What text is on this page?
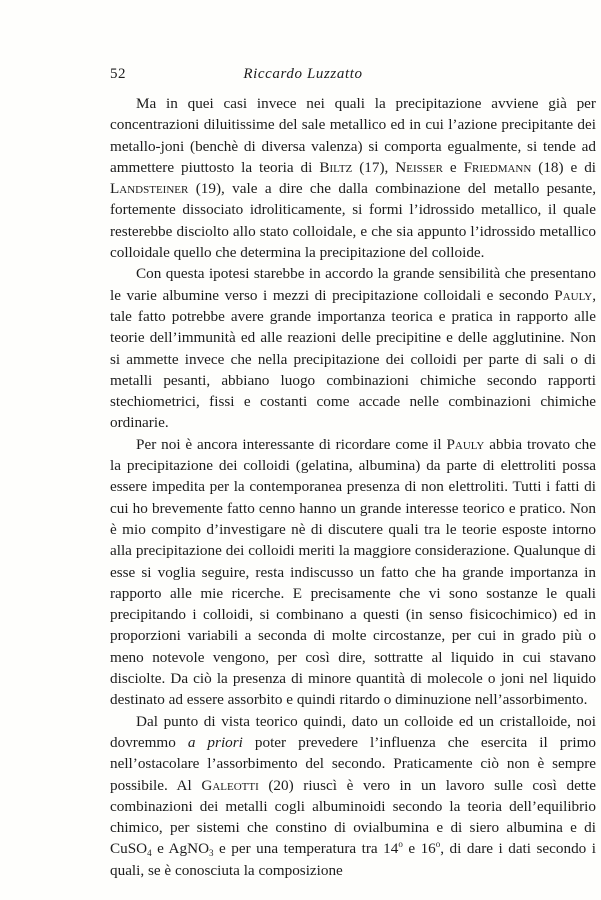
52	Riccardo Luzzatto

Ma in quei casi invece nei quali la precipitazione avviene già per concentrazioni diluitissime del sale metallico ed in cui l’azione precipitante dei metallo-joni (benchè di diversa valenza) si comporta egualmente, si tende ad ammettere piuttosto la teoria di Biltz (17), Neisser e Friedmann (18) e di Landsteiner (19), vale a dire che dalla combinazione del metallo pesante, fortemente dissociato idroliticamente, si formi l’idrossido metallico, il quale resterebbe disciolto allo stato colloidale, e che sia appunto l’idrossido metallico colloidale quello che determina la precipitazione del colloide.

Con questa ipotesi starebbe in accordo la grande sensibilità che presentano le varie albumine verso i mezzi di precipitazione colloidali e secondo Pauly, tale fatto potrebbe avere grande importanza teorica e pratica in rapporto alle teorie dell’immunità ed alle reazioni delle precipitine e delle agglutinine. Non si ammette invece che nella precipitazione dei colloidi per parte di sali o di metalli pesanti, abbiano luogo combinazioni chimiche secondo rapporti stechiometrici, fissi e costanti come accade nelle combinazioni chimiche ordinarie.

Per noi è ancora interessante di ricordare come il Pauly abbia trovato che la precipitazione dei colloidi (gelatina, albumina) da parte di elettroliti possa essere impedita per la contemporanea presenza di non elettroliti. Tutti i fatti di cui ho brevemente fatto cenno hanno un grande interesse teorico e pratico. Non è mio compito d’investigare nè di discutere quali tra le teorie esposte intorno alla precipitazione dei colloidi meriti la maggiore considerazione. Qualunque di esse si voglia seguire, resta indiscusso un fatto che ha grande importanza in rapporto alle mie ricerche. E precisamente che vi sono sostanze le quali precipitando i colloidi, si combinano a questi (in senso fisicochimico) ed in proporzioni variabili a seconda di molte circostanze, per cui in grado più o meno notevole vengono, per così dire, sottratte al liquido in cui stavano disciolte. Da ciò la presenza di minore quantità di molecole o joni nel liquido destinato ad essere assorbito e quindi ritardo o diminuzione nell’assorbimento.

Dal punto di vista teorico quindi, dato un colloide ed un cristalloide, noi dovremmo a priori poter prevedere l’influenza che esercita il primo nell’ostacolare l’assorbimento del secondo. Praticamente ciò non è sempre possibile. Al Galeotti (20) riuscì è vero in un lavoro sulle così dette combinazioni dei metalli cogli albuminoidi secondo la teoria dell’equilibrio chimico, per sistemi che constino di ovialbumina e di siero albumina e di CuSO$_4$ e AgNO$_3$ e per una temperatura tra 14$^o$ e 16$^o$, di dare i dati secondo i quali, se è conosciuta la composizione
